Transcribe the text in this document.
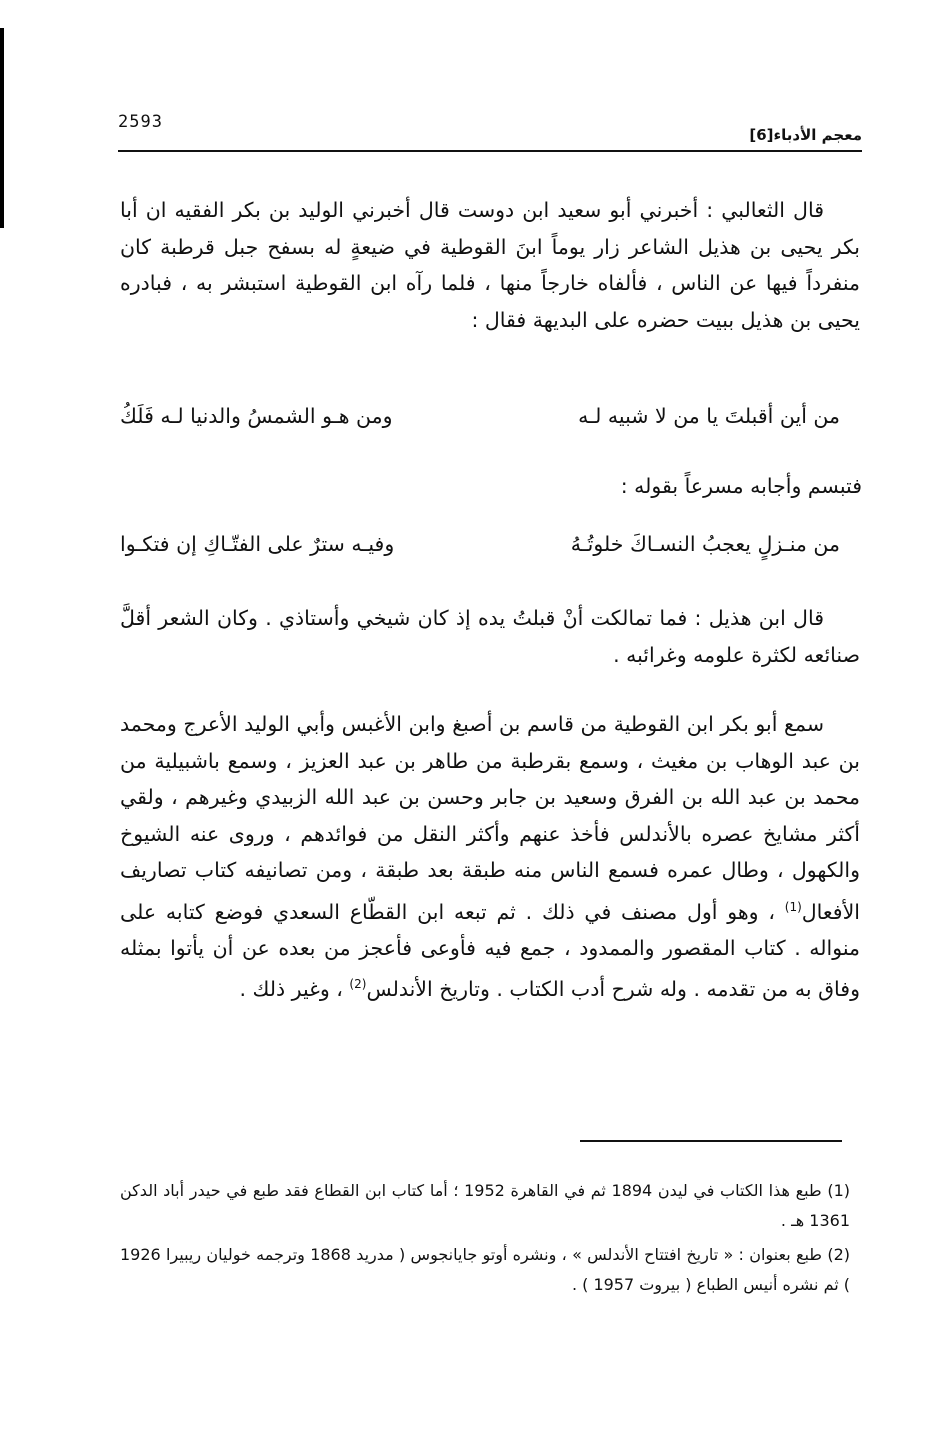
2593
معجم الأدباء[6]

قال الثعالبي : أخبرني أبو سعيد ابن دوست قال أخبرني الوليد بن بكر الفقيه ان أبا بكر يحيى بن هذيل الشاعر زار يوماً ابنَ القوطية في ضيعةٍ له بسفح جبل قرطبة كان منفرداً فيها عن الناس ، فألفاه خارجاً منها ، فلما رآه ابن القوطية استبشر به ، فبادره يحيى بن هذيل ببيت حضره على البديهة فقال :

من أين أقبلتَ يا من لا شبيه لـه
ومن هـو الشمسُ والدنيا لـه فَلَكُ
فتبسم وأجابه مسرعاً بقوله :
من منـزلٍ يعجبُ النسـاكَ خلوتُـهُ
وفيـه سترٌ على الفتّـاكِ إن فتكـوا

قال ابن هذيل : فما تمالكت أنْ قبلتُ يده إذ كان شيخي وأستاذي . وكان الشعر أقلَّ صنائعه لكثرة علومه وغرائبه .

سمع أبو بكر ابن القوطية من قاسم بن أصبغ وابن الأغبس وأبي الوليد الأعرج ومحمد بن عبد الوهاب بن مغيث ، وسمع بقرطبة من طاهر بن عبد العزيز ، وسمع باشبيلية من محمد بن عبد الله بن الفرق وسعيد بن جابر وحسن بن عبد الله الزبيدي وغيرهم ، ولقي أكثر مشايخ عصره بالأندلس فأخذ عنهم وأكثر النقل من فوائدهم ، وروى عنه الشيوخ والكهول ، وطال عمره فسمع الناس منه طبقة بعد طبقة ، ومن تصانيفه كتاب تصاريف الأفعال$^{(1)}$ ، وهو أول مصنف في ذلك . ثم تبعه ابن القطّاع السعدي فوضع كتابه على منواله . كتاب المقصور والممدود ، جمع فيه فأوعى فأعجز من بعده عن أن يأتوا بمثله وفاق به من تقدمه . وله شرح أدب الكتاب . وتاريخ الأندلس$^{(2)}$ ، وغير ذلك .

(1) طبع هذا الكتاب في ليدن 1894 ثم في القاهرة 1952 ؛ أما كتاب ابن القطاع فقد طبع في حيدر أباد الدكن 1361 هـ .

(2) طبع بعنوان : « تاريخ افتتاح الأندلس » ، ونشره أوتو جايانجوس ( مدريد 1868 وترجمه خوليان ريبيرا 1926 ) ثم نشره أنيس الطباع ( بيروت 1957 ) .
